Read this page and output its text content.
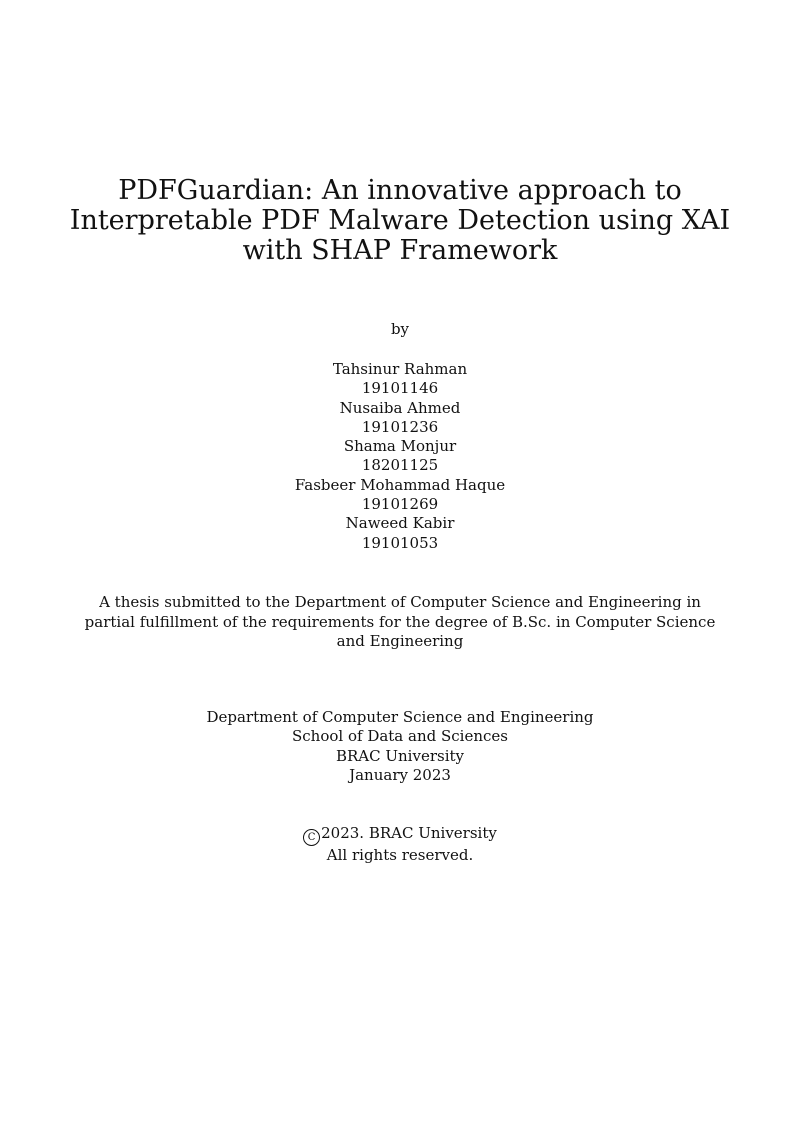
PDFGuardian: An innovative approach to
Interpretable PDF Malware Detection using XAI
with SHAP Framework
by
Tahsinur Rahman
19101146
Nusaiba Ahmed
19101236
Shama Monjur
18201125
Fasbeer Mohammad Haque
19101269
Naweed Kabir
19101053
A thesis submitted to the Department of Computer Science and Engineering in
partial fulfillment of the requirements for the degree of B.Sc. in Computer Science
and Engineering
Department of Computer Science and Engineering
School of Data and Sciences
BRAC University
January 2023
C 2023. BRAC University
All rights reserved.
